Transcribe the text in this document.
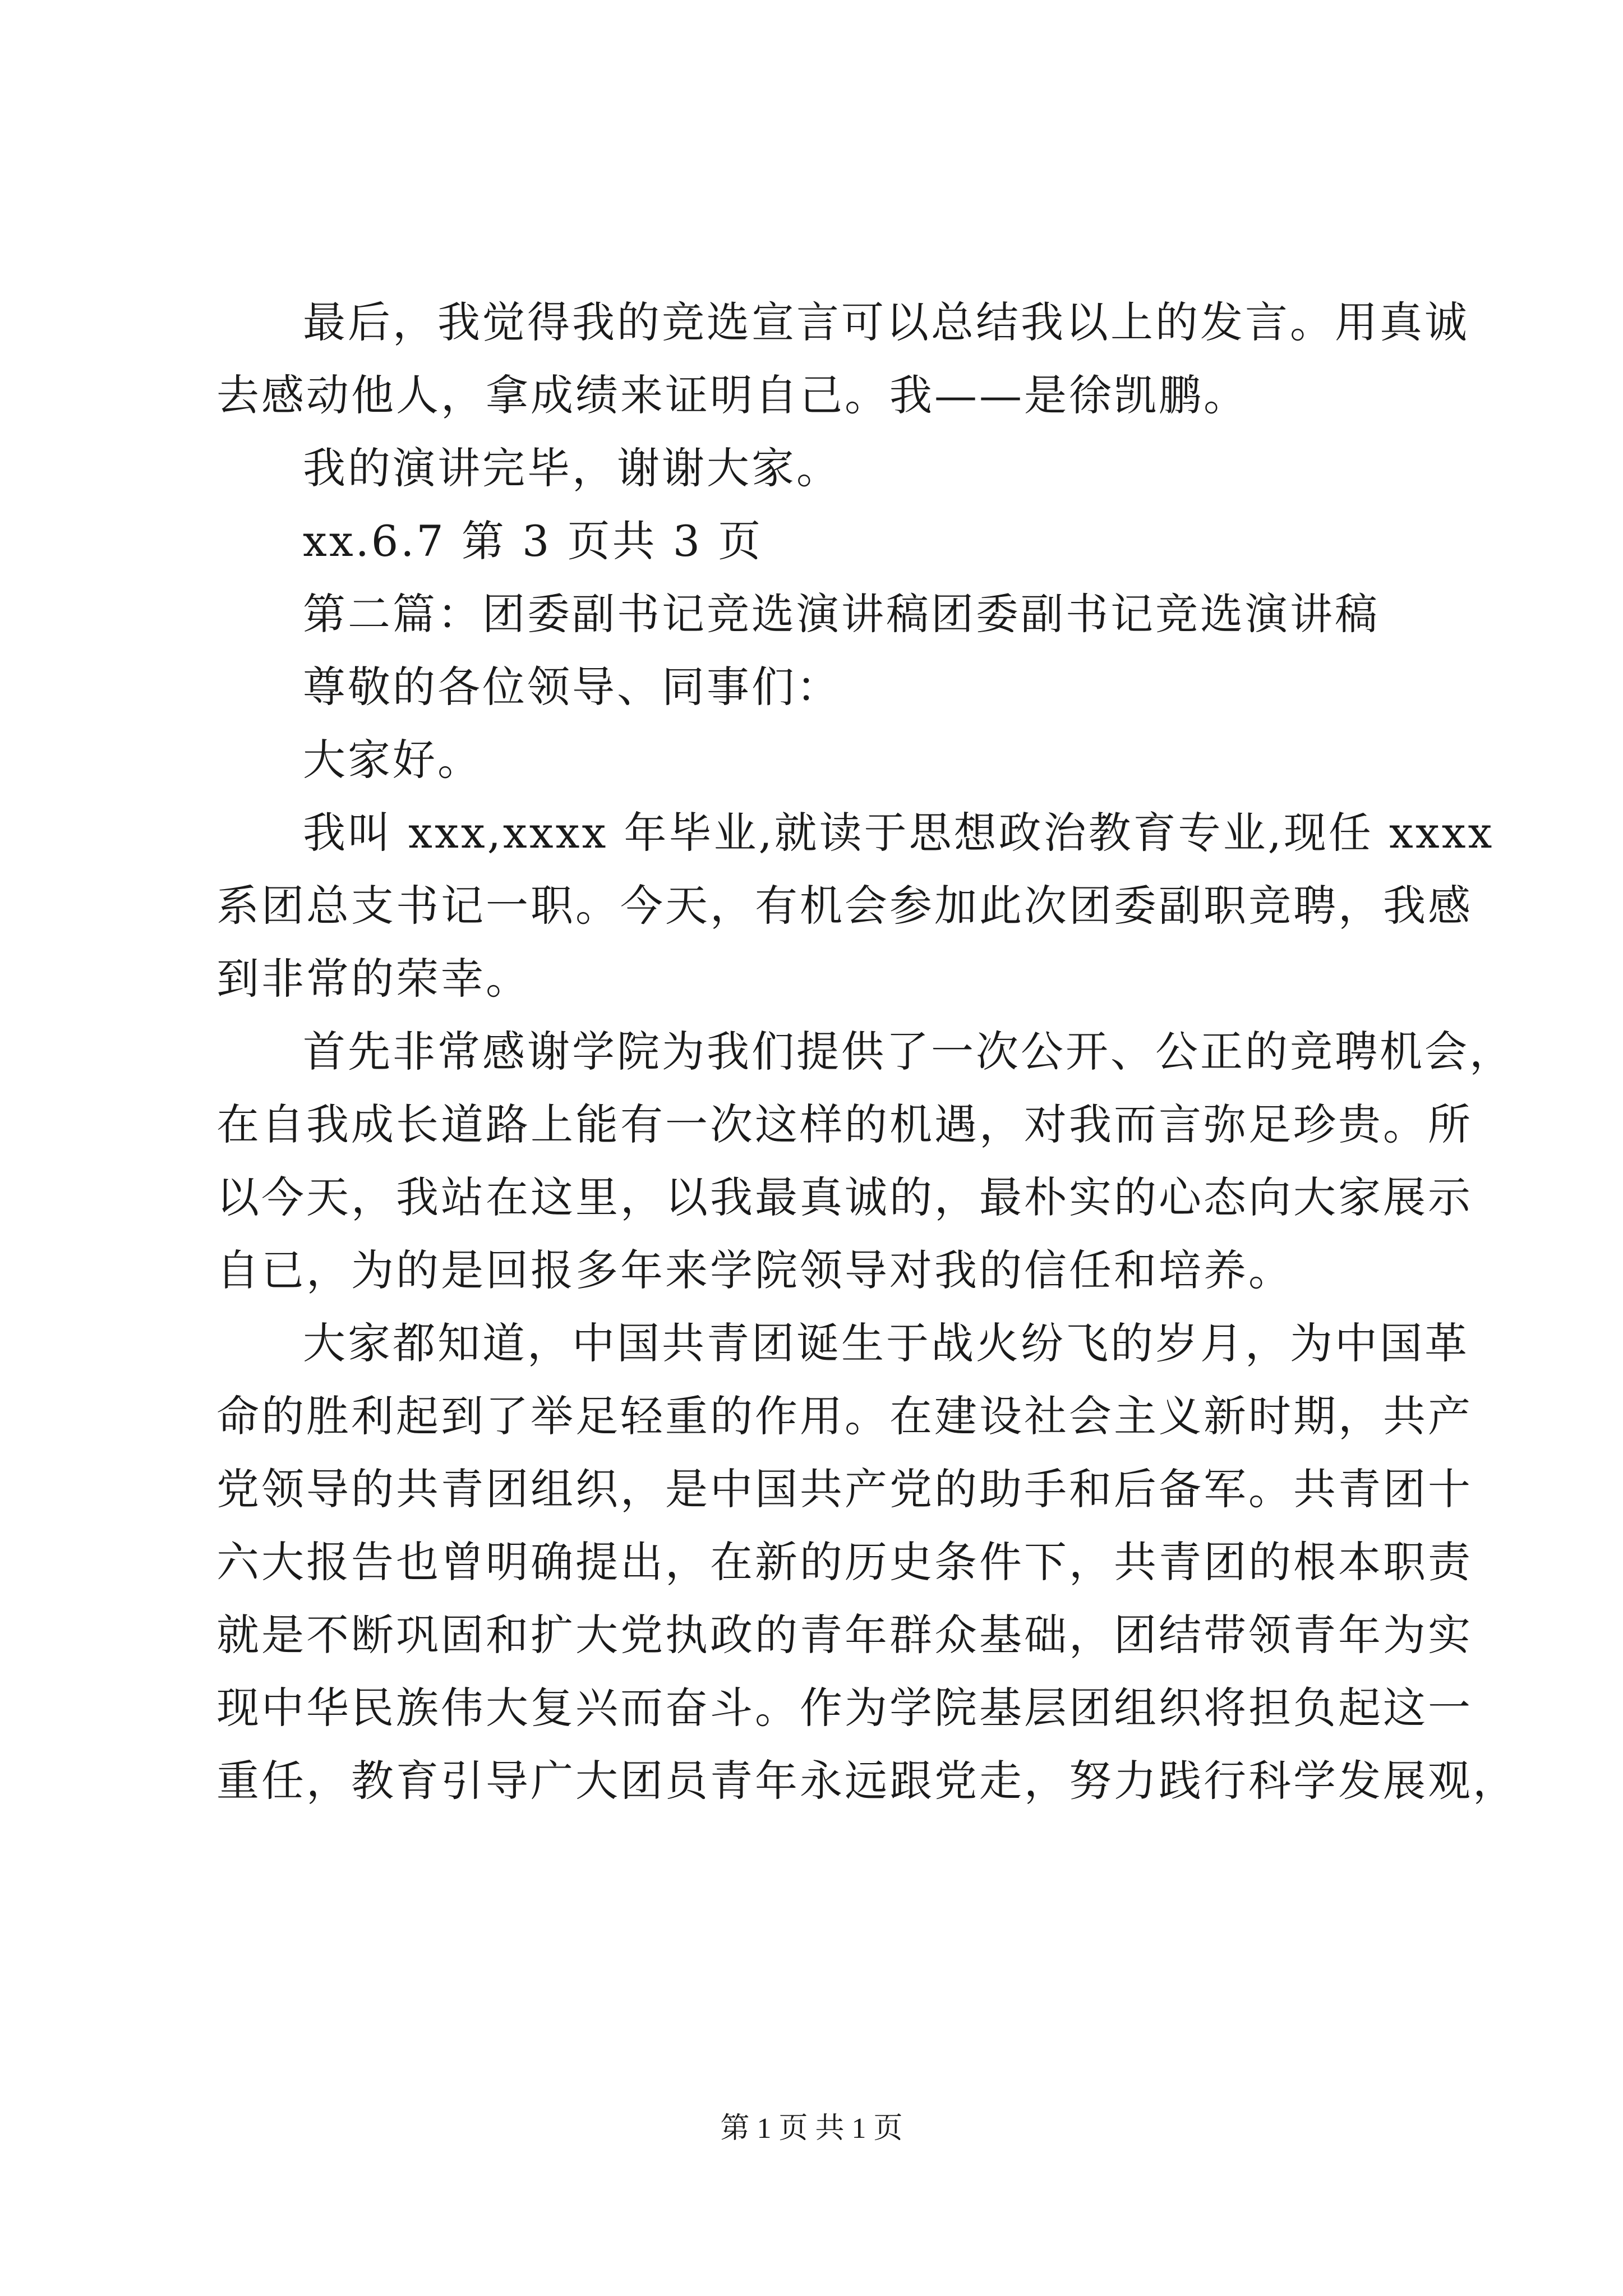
最后，我觉得我的竞选宣言可以总结我以上的发言。用真诚
去感动他人，拿成绩来证明自己。我——是徐凯鹏。
我的演讲完毕，谢谢大家。
xx.6.7 第 3 页共 3 页
第二篇：团委副书记竞选演讲稿团委副书记竞选演讲稿
尊敬的各位领导、同事们：
大家好。
我叫 xxx,xxxx 年毕业,就读于思想政治教育专业,现任 xxxx
系团总支书记一职。今天，有机会参加此次团委副职竞聘，我感
到非常的荣幸。
首先非常感谢学院为我们提供了一次公开、公正的竞聘机会，
在自我成长道路上能有一次这样的机遇，对我而言弥足珍贵。所
以今天，我站在这里，以我最真诚的，最朴实的心态向大家展示
自已，为的是回报多年来学院领导对我的信任和培养。
大家都知道，中国共青团诞生于战火纷飞的岁月，为中国革
命的胜利起到了举足轻重的作用。在建设社会主义新时期，共产
党领导的共青团组织，是中国共产党的助手和后备军。共青团十
六大报告也曾明确提出，在新的历史条件下，共青团的根本职责
就是不断巩固和扩大党执政的青年群众基础，团结带领青年为实
现中华民族伟大复兴而奋斗。作为学院基层团组织将担负起这一
重任，教育引导广大团员青年永远跟党走，努力践行科学发展观，
第 1 页 共 1 页
